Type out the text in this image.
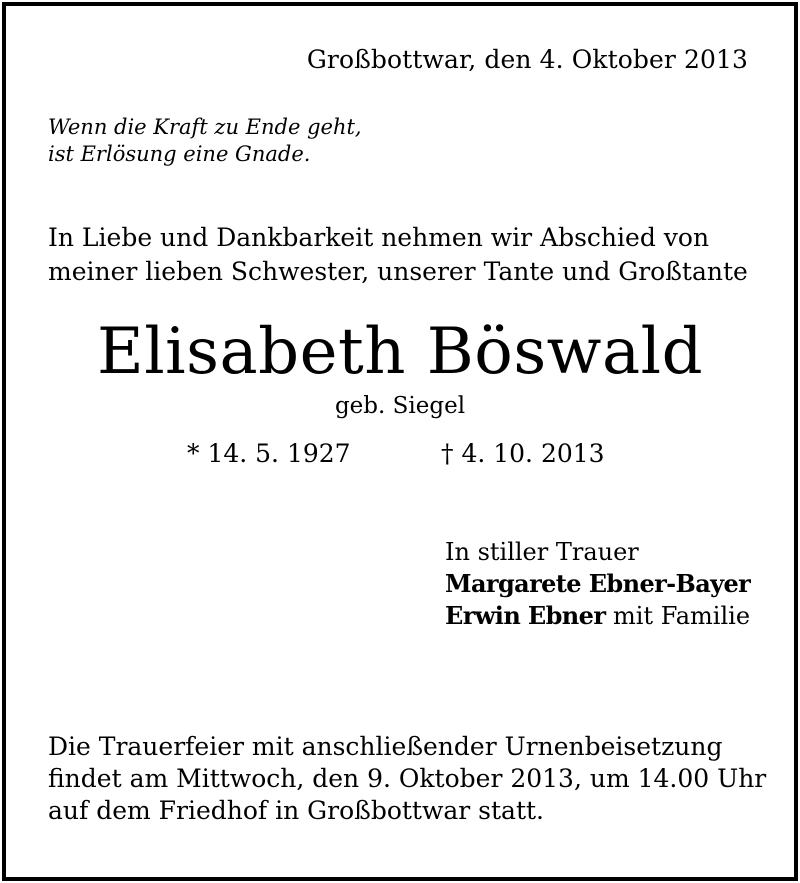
Großbottwar, den 4. Oktober 2013
Wenn die Kraft zu Ende geht,
ist Erlösung eine Gnade.
In Liebe und Dankbarkeit nehmen wir Abschied von
meiner lieben Schwester, unserer Tante und Großtante
Elisabeth Böswald
geb. Siegel
* 14. 5. 1927	† 4. 10. 2013
In stiller Trauer
Margarete Ebner-Bayer
Erwin Ebner mit Familie
Die Trauerfeier mit anschließender Urnenbeisetzung
findet am Mittwoch, den 9. Oktober 2013, um 14.00 Uhr
auf dem Friedhof in Großbottwar statt.
